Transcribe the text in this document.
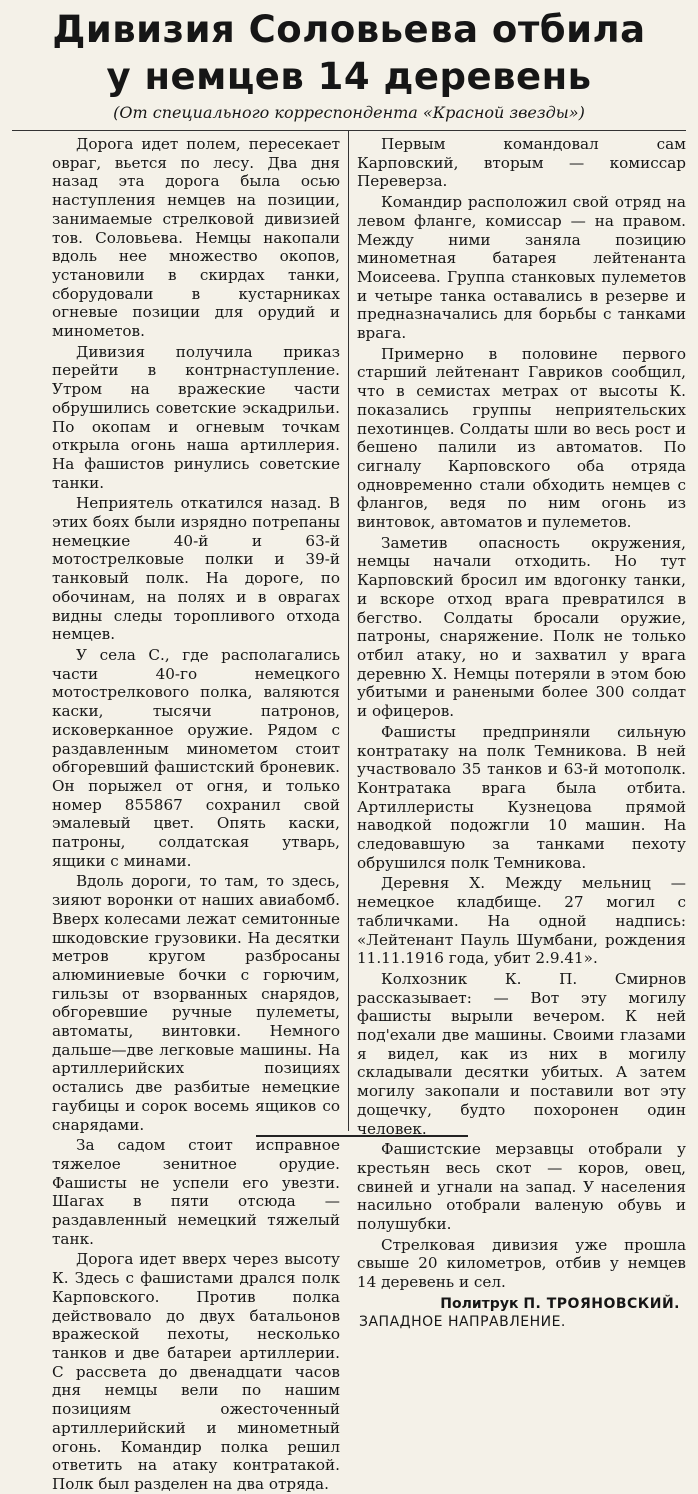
Дивизия Соловьева отбила
у немцев 14 деревень
(От специального корреспондента «Красной звезды»)

Дорога идет полем, пересекает овраг, вьется по лесу. Два дня назад эта дорога была осью наступления немцев на позиции, занимаемые стрелковой дивизией тов. Соловьева. Немцы накопали вдоль нее множество окопов, установили в скирдах танки, сборудовали в кустарниках огневые позиции для орудий и минометов.

Дивизия получила приказ перейти в контрнаступление. Утром на вражеские части обрушились советские эскадрильи. По окопам и огневым точкам открыла огонь наша артиллерия. На фашистов ринулись советские танки.

Неприятель откатился назад. В этих боях были изрядно потрепаны немецкие 40-й и 63-й мотострелковые полки и 39-й танковый полк. На дороге, по обочинам, на полях и в оврагах видны следы торопливого отхода немцев.

У села С., где располагались части 40-го немецкого мотострелкового полка, валяются каски, тысячи патронов, исковерканное оружие. Рядом с раздавленным минометом стоит обгоревший фашистский броневик. Он порыжел от огня, и только номер 855867 сохранил свой эмалевый цвет. Опять каски, патроны, солдатская утварь, ящики с минами.

Вдоль дороги, то там, то здесь, зияют воронки от наших авиабомб. Вверх колесами лежат семитонные шкодовские грузовики. На десятки метров кругом разбросаны алюминиевые бочки с горючим, гильзы от взорванных снарядов, обгоревшие ручные пулеметы, автоматы, винтовки. Немного дальше—две легковые машины. На артиллерийских позициях остались две разбитые немецкие гаубицы и сорок восемь ящиков со снарядами.

За садом стоит исправное тяжелое зенитное орудие. Фашисты не успели его увезти. Шагах в пяти отсюда — раздавленный немецкий тяжелый танк.

Дорога идет вверх через высоту К. Здесь с фашистами дрался полк Карповского. Против полка действовало до двух батальонов вражеской пехоты, несколько танков и две батареи артиллерии. С рассвета до двенадцати часов дня немцы вели по нашим позициям ожесточенный артиллерийский и минометный огонь. Командир полка решил ответить на атаку контратакой. Полк был разделен на два отряда.

Первым командовал сам Карповский, вторым — комиссар Переверза.

Командир расположил свой отряд на левом фланге, комиссар — на правом. Между ними заняла позицию минометная батарея лейтенанта Моисеева. Группа станковых пулеметов и четыре танка оставались в резерве и предназначались для борьбы с танками врага.

Примерно в половине первого старший лейтенант Гавриков сообщил, что в семистах метрах от высоты К. показались группы неприятельских пехотинцев. Солдаты шли во весь рост и бешено палили из автоматов. По сигналу Карповского оба отряда одновременно стали обходить немцев с флангов, ведя по ним огонь из винтовок, автоматов и пулеметов.

Заметив опасность окружения, немцы начали отходить. Но тут Карповский бросил им вдогонку танки, и вскоре отход врага превратился в бегство. Солдаты бросали оружие, патроны, снаряжение. Полк не только отбил атаку, но и захватил у врага деревню Х. Немцы потеряли в этом бою убитыми и ранеными более 300 солдат и офицеров.

Фашисты предприняли сильную контратаку на полк Темникова. В ней участвовало 35 танков и 63-й мотополк. Контратака врага была отбита. Артиллеристы Кузнецова прямой наводкой подожгли 10 машин. На следовавшую за танками пехоту обрушился полк Темникова.

Деревня Х. Между мельниц — немецкое кладбище. 27 могил с табличками. На одной надпись: «Лейтенант Пауль Шумбани, рождения 11.11.1916 года, убит 2.9.41».

Колхозник К. П. Смирнов рассказывает: — Вот эту могилу фашисты вырыли вечером. К ней под'ехали две машины. Своими глазами я видел, как из них в могилу складывали десятки убитых. А затем могилу закопали и поставили вот эту дощечку, будто похоронен один человек.

Фашистские мерзавцы отобрали у крестьян весь скот — коров, овец, свиней и угнали на запад. У населения насильно отобрали валеную обувь и полушубки.

Стрелковая дивизия уже прошла свыше 20 километров, отбив у немцев 14 деревень и сел.

Политрук П. ТРОЯНОВСКИЙ.
ЗАПАДНОЕ НАПРАВЛЕНИЕ.
